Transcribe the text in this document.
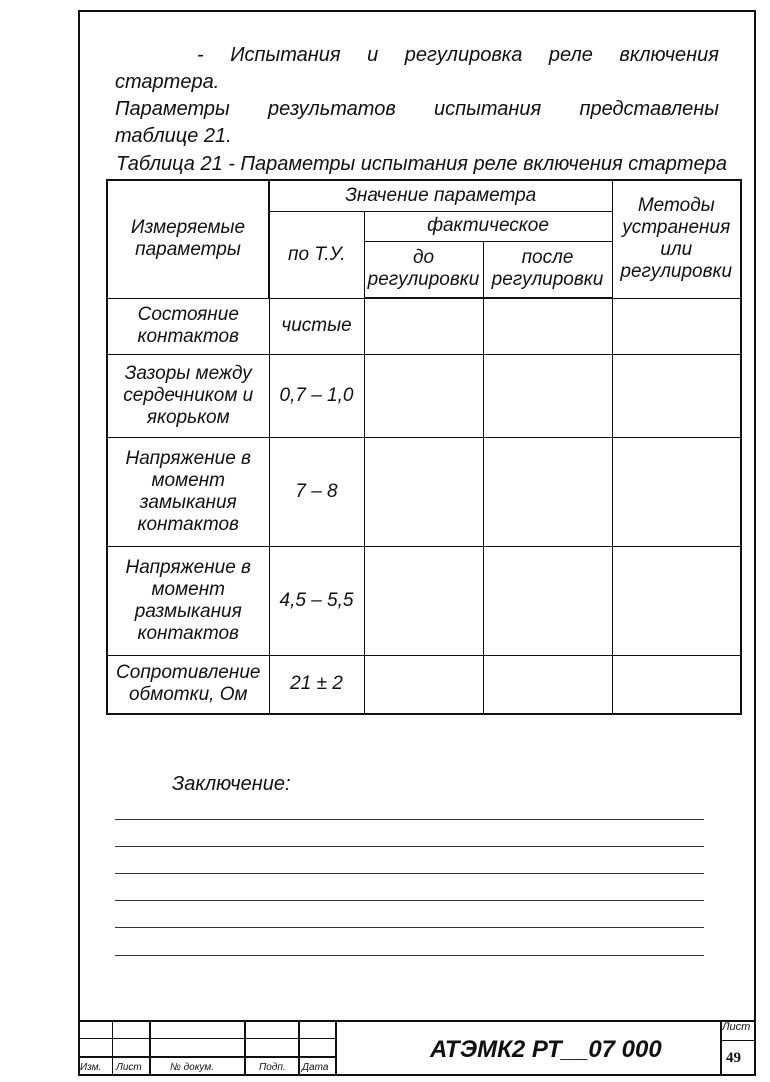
- Испытания и регулировка реле включения стартера.

Параметры результатов испытания представлены

таблице 21.

Таблица 21 - Параметры испытания реле включения стартера
Измеряемые параметры	Значение параметра			Методы устранения или регулировки
	по Т.У.	фактическое		
		до регулировки	после регулировки	
Состояние контактов	чистые			
Зазоры между сердечником и якорьком	0,7 – 1,0			
Напряжение в момент замыкания контактов	7 – 8			
Напряжение в момент размыкания контактов	4,5 – 5,5			
Сопротивление обмотки, Ом	21 ± 2			
Заключение:
Изм. Лист	№ докум.	Подп. Дата
АТЭМК2 РТ__07 000
Лист
49
